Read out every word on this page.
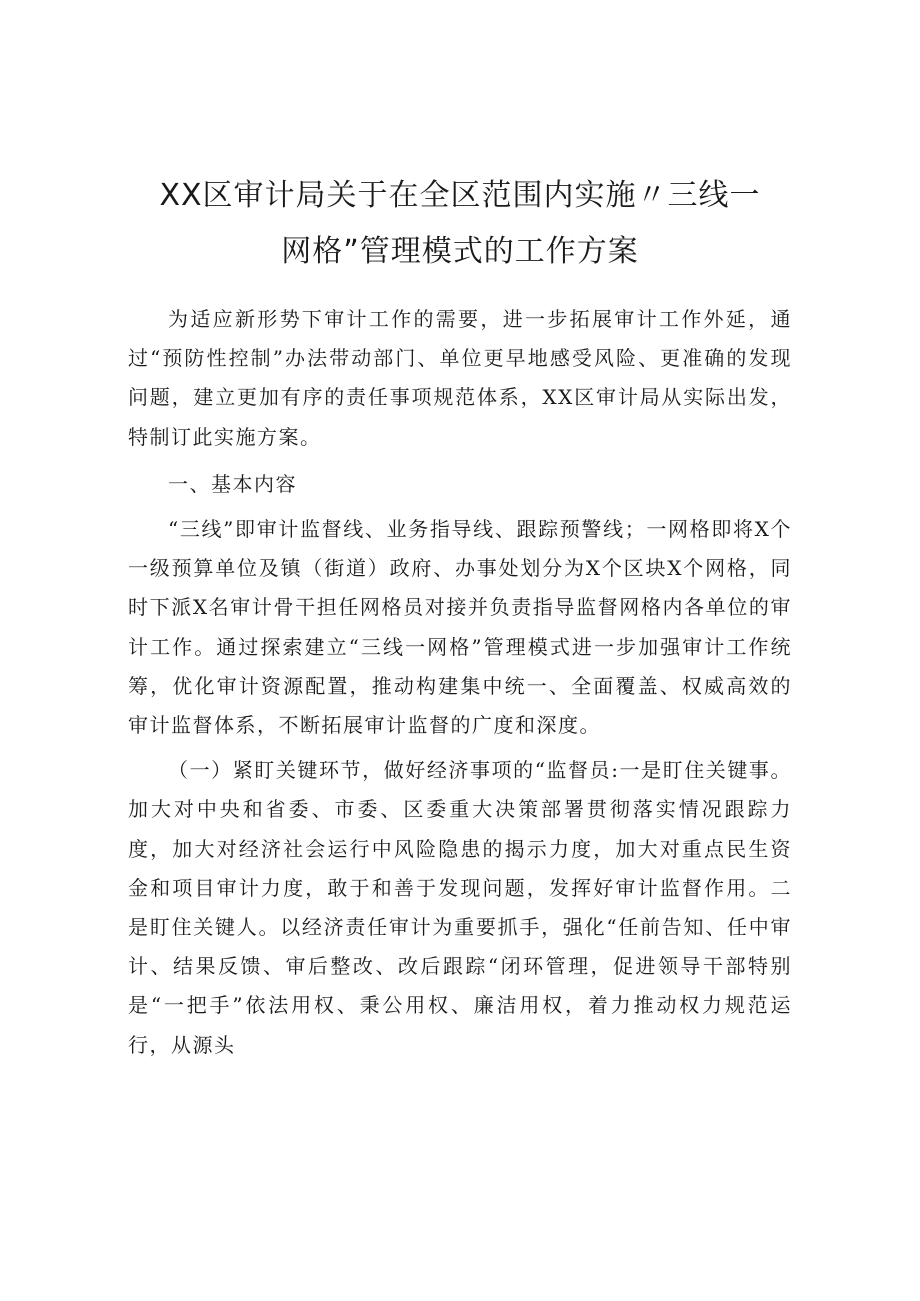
XX区审计局关于在全区范围内实施〃三线一
网格”管理模式的工作方案

为适应新形势下审计工作的需要，进一步拓展审计工作外延，通过“预防性控制”办法带动部门、单位更早地感受风险、更准确的发现问题，建立更加有序的责任事项规范体系，XX区审计局从实际出发，特制订此实施方案。

一、基本内容

“三线”即审计监督线、业务指导线、跟踪预警线；一网格即将X个一级预算单位及镇（街道）政府、办事处划分为X个区块X个网格，同时下派X名审计骨干担任网格员对接并负责指导监督网格内各单位的审计工作。通过探索建立“三线一网格”管理模式进一步加强审计工作统筹，优化审计资源配置，推动构建集中统一、全面覆盖、权威高效的审计监督体系，不断拓展审计监督的广度和深度。

（一）紧盯关键环节，做好经济事项的“监督员:一是盯住关键事。加大对中央和省委、市委、区委重大决策部署贯彻落实情况跟踪力度，加大对经济社会运行中风险隐患的揭示力度，加大对重点民生资金和项目审计力度，敢于和善于发现问题，发挥好审计监督作用。二是盯住关键人。以经济责任审计为重要抓手，强化“任前告知、任中审计、结果反馈、审后整改、改后跟踪“闭环管理，促进领导干部特别是“一把手”依法用权、秉公用权、廉洁用权，着力推动权力规范运行，从源头
